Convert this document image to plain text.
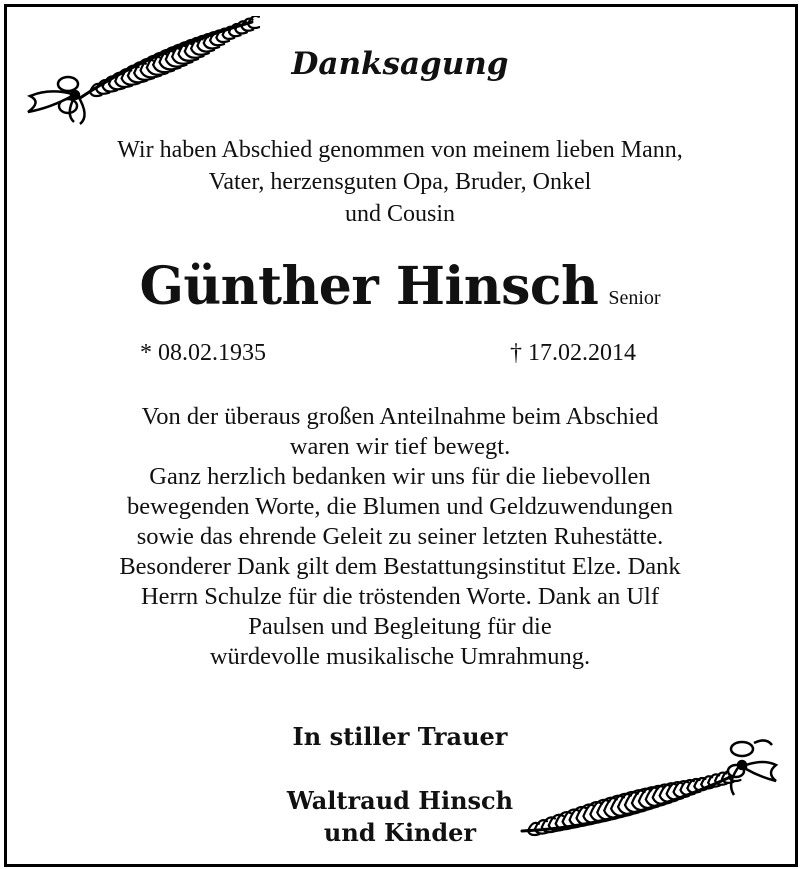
Danksagung
Wir haben Abschied genommen von meinem lieben Mann,
Vater, herzensguten Opa, Bruder, Onkel
und Cousin
Günther Hinsch Senior
* 08.02.1935	† 17.02.2014
Von der überaus großen Anteilnahme beim Abschied
waren wir tief bewegt.
Ganz herzlich bedanken wir uns für die liebevollen
bewegenden Worte, die Blumen und Geldzuwendungen
sowie das ehrende Geleit zu seiner letzten Ruhestätte.
Besonderer Dank gilt dem Bestattungsinstitut Elze. Dank
Herrn Schulze für die tröstenden Worte. Dank an Ulf
Paulsen und Begleitung für die
würdevolle musikalische Umrahmung.
In stiller Trauer
Waltraud Hinsch
und Kinder
